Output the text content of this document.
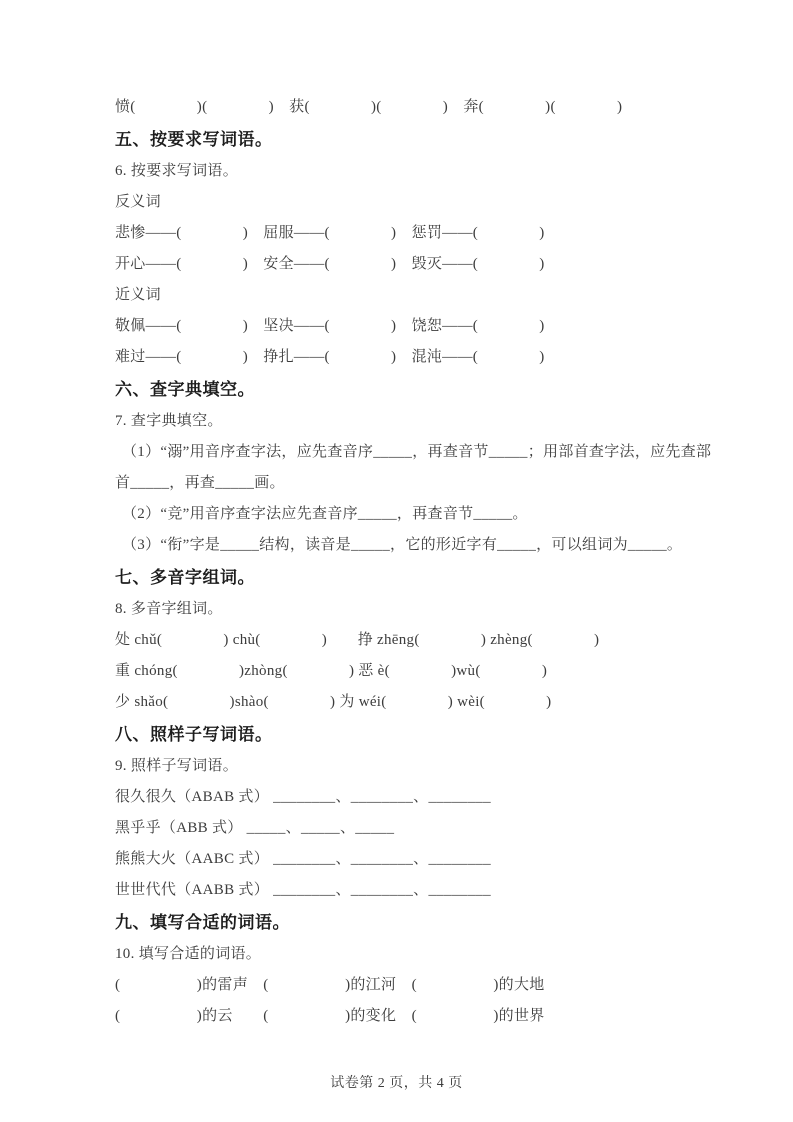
愤(　　　　)(　　　　)　获(　　　　)(　　　　)　奔(　　　　)(　　　　)
五、按要求写词语。
6. 按要求写词语。
反义词
悲惨——(　　　　)　屈服——(　　　　)　惩罚——(　　　　)
开心——(　　　　)　安全——(　　　　)　毁灭——(　　　　)
近义词
敬佩——(　　　　)　坚决——(　　　　)　饶恕——(　　　　)
难过——(　　　　)　挣扎——(　　　　)　混沌——(　　　　)
六、查字典填空。
7. 查字典填空。
（1）“溺”用音序查字法，应先查音序_____，再查音节_____；用部首查字法，应先查部
首_____，再查_____画。
（2）“竞”用音序查字法应先查音序_____，再查音节_____。
（3）“衔”字是_____结构，读音是_____，它的形近字有_____，可以组词为_____。
七、多音字组词。
8. 多音字组词。
处 chǔ(　　　　) chù(　　　　)　　挣 zhēng(　　　　) zhèng(　　　　)
重 chóng(　　　　)zhòng(　　　　) 恶 è(　　　　)wù(　　　　)
少 shǎo(　　　　)shào(　　　　) 为 wéi(　　　　) wèi(　　　　)
八、照样子写词语。
9. 照样子写词语。
很久很久（ABAB 式） ________、________、________
黑乎乎（ABB 式） _____、_____、_____
熊熊大火（AABC 式） ________、________、________
世世代代（AABB 式） ________、________、________
九、填写合适的词语。
10. 填写合适的词语。
(　　　　　)的雷声　(　　　　　)的江河　(　　　　　)的大地
(　　　　　)的云　　(　　　　　)的变化　(　　　　　)的世界
试卷第 2 页，共 4 页
